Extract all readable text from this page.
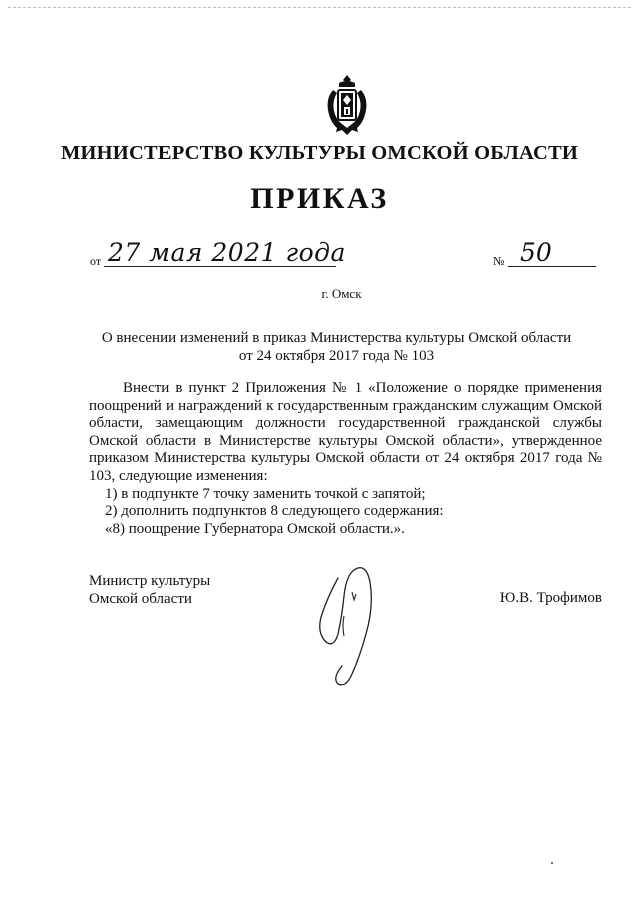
МИНИСТЕРСТВО КУЛЬТУРЫ ОМСКОЙ ОБЛАСТИ
ПРИКАЗ
от 27 мая 2021 года	№ 50
г. Омск
О внесении изменений в приказ Министерства культуры Омской области
от 24 октября 2017 года № 103

Внести в пункт 2 Приложения № 1 «Положение о порядке применения поощрений и награждений к государственным гражданским служащим Омской области, замещающим должности государственной гражданской службы Омской области в Министерстве культуры Омской области», утвержденное приказом Министерства культуры Омской области от 24 октября 2017 года № 103, следующие изменения:

1) в подпункте 7 точку заменить точкой с запятой;

2) дополнить подпунктов 8 следующего содержания:

«8) поощрение Губернатора Омской области.».

Министр культуры
Омской области	Ю.В. Трофимов
